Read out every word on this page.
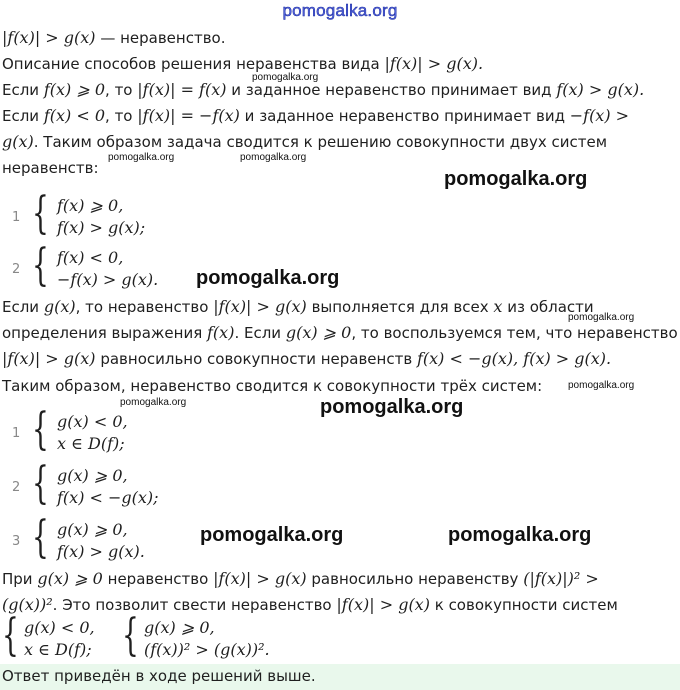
pomogalka.org
|f(x)| > g(x) — неравенство.
Описание способов решения неравенства вида |f(x)| > g(x).
pomogalka.org
Если f(x) ⩾ 0, то |f(x)| = f(x) и заданное неравенство принимает вид f(x) > g(x).
Если f(x) < 0, то |f(x)| = −f(x) и заданное неравенство принимает вид −f(x) >
g(x). Таким образом задача сводится к решению совокупности двух систем
неравенств:
pomogalka.org	pomogalka.org
pomogalka.org
1 { f(x) ⩾ 0,
f(x) > g(x);
2 { f(x) < 0,
−f(x) > g(x). pomogalka.org
Если g(x), то неравенство |f(x)| > g(x) выполняется для всех x из области
pomogalka.org
определения выражения f(x). Если g(x) ⩾ 0, то воспользуемся тем, что неравенство
|f(x)| > g(x) равносильно совокупности неравенств f(x) < −g(x), f(x) > g(x).
Таким образом, неравенство сводится к совокупности трёх систем:	pomogalka.org
pomogalka.org	pomogalka.org
1 { g(x) < 0,
x ∈ D(f);
2 { g(x) ⩾ 0,
f(x) < −g(x);
3 { g(x) ⩾ 0,
f(x) > g(x).
pomogalka.org	pomogalka.org
При g(x) ⩾ 0 неравенство |f(x)| > g(x) равносильно неравенству (|f(x)|)² >
(g(x))². Это позволит свести неравенство |f(x)| > g(x) к совокупности систем
{ g(x) < 0,
x ∈ D(f); { g(x) ⩾ 0,
(f(x))² > (g(x))².
Ответ приведён в ходе решений выше.
